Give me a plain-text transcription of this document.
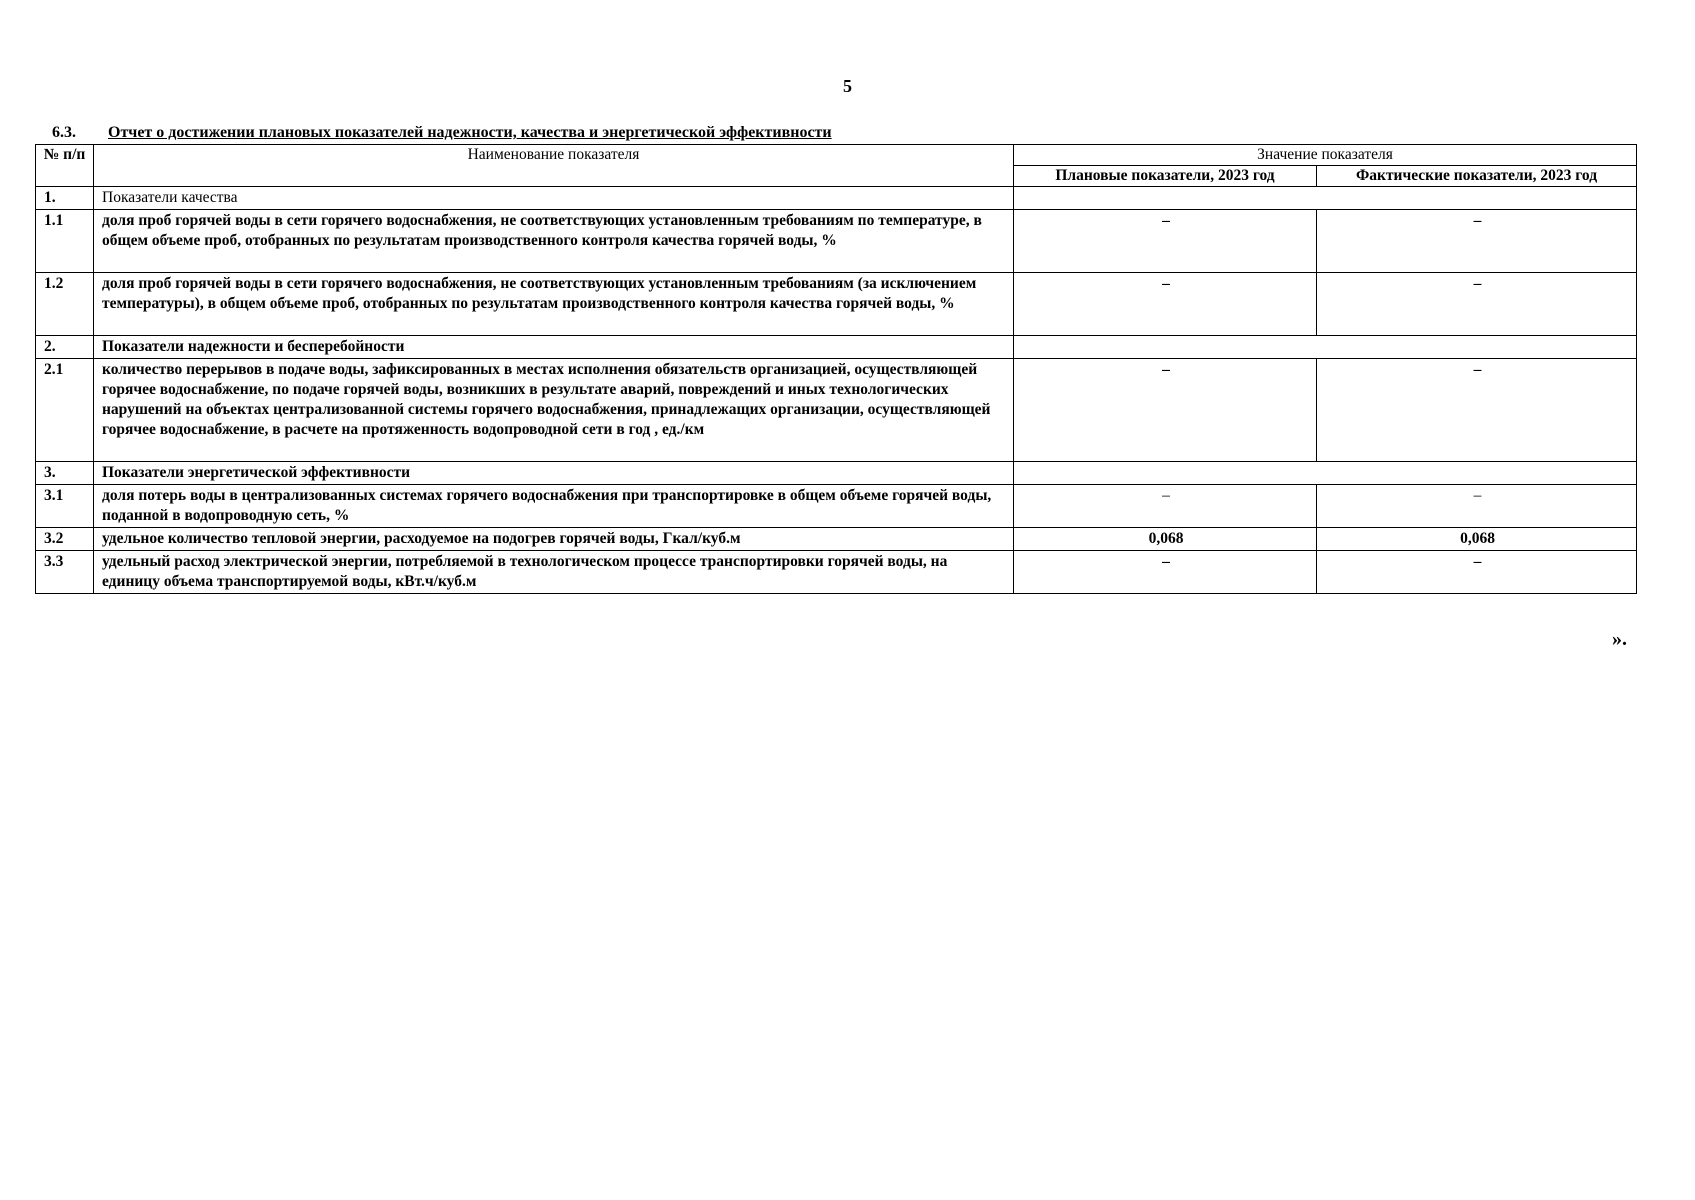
5
6.3. Отчет о достижении плановых показателей надежности, качества и энергетической эффективности
№ п/п	Наименование показателя	Значение показателя	
		Плановые показатели, 2023 год	Фактические показатели, 2023 год
1.	Показатели качества		
1.1	доля проб горячей воды в сети горячего водоснабжения, не соответствующих установленным требованиям по температуре, в общем объеме проб, отобранных по результатам производственного контроля качества горячей воды, %	–	–
1.2	доля проб горячей воды в сети горячего водоснабжения, не соответствующих установленным требованиям (за исключением температуры), в общем объеме проб, отобранных по результатам производственного контроля качества горячей воды, %	–	–
2.	Показатели надежности и бесперебойности		
2.1	количество перерывов в подаче воды, зафиксированных в местах исполнения обязательств организацией, осуществляющей горячее водоснабжение, по подаче горячей воды, возникших в результате аварий, повреждений и иных технологических нарушений на объектах централизованной системы горячего водоснабжения, принадлежащих организации, осуществляющей горячее водоснабжение, в расчете на протяженность водопроводной сети в год , ед./км	–	–
3.	Показатели энергетической эффективности		
3.1	доля потерь воды в централизованных системах горячего водоснабжения при транспортировке в общем объеме горячей воды, поданной в водопроводную сеть, %	–	–
3.2	удельное количество тепловой энергии, расходуемое на подогрев горячей воды, Гкал/куб.м	0,068	0,068
3.3	удельный расход электрической энергии, потребляемой в технологическом процессе транспортировки горячей воды, на единицу объема транспортируемой воды, кВт.ч/куб.м	–	–
».
